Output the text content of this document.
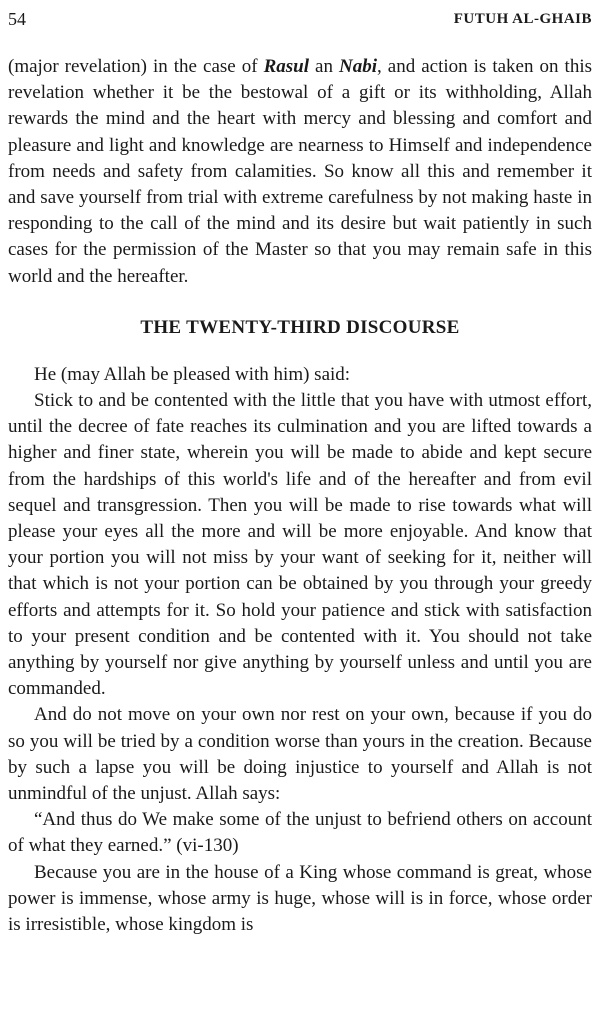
54	FUTUH AL-GHAIB

(major revelation) in the case of Rasul an Nabi, and action is taken on this revelation whether it be the bestowal of a gift or its withholding, Allah rewards the mind and the heart with mercy and blessing and comfort and pleasure and light and knowledge are nearness to Himself and independence from needs and safety from calamities. So know all this and remember it and save yourself from trial with extreme carefulness by not making haste in responding to the call of the mind and its desire but wait patiently in such cases for the permission of the Master so that you may remain safe in this world and the hereafter.

THE TWENTY-THIRD DISCOURSE

He (may Allah be pleased with him) said:

Stick to and be contented with the little that you have with utmost effort, until the decree of fate reaches its culmination and you are lifted towards a higher and finer state, wherein you will be made to abide and kept secure from the hardships of this world's life and of the hereafter and from evil sequel and transgression. Then you will be made to rise towards what will please your eyes all the more and will be more enjoyable. And know that your portion you will not miss by your want of seeking for it, neither will that which is not your portion can be obtained by you through your greedy efforts and attempts for it. So hold your patience and stick with satisfaction to your present condition and be contented with it. You should not take anything by yourself nor give anything by yourself unless and until you are commanded.

And do not move on your own nor rest on your own, because if you do so you will be tried by a condition worse than yours in the creation. Because by such a lapse you will be doing injustice to yourself and Allah is not unmindful of the unjust. Allah says:

“And thus do We make some of the unjust to befriend others on account of what they earned.” (vi-130)

Because you are in the house of a King whose command is great, whose power is immense, whose army is huge, whose will is in force, whose order is irresistible, whose kingdom is
